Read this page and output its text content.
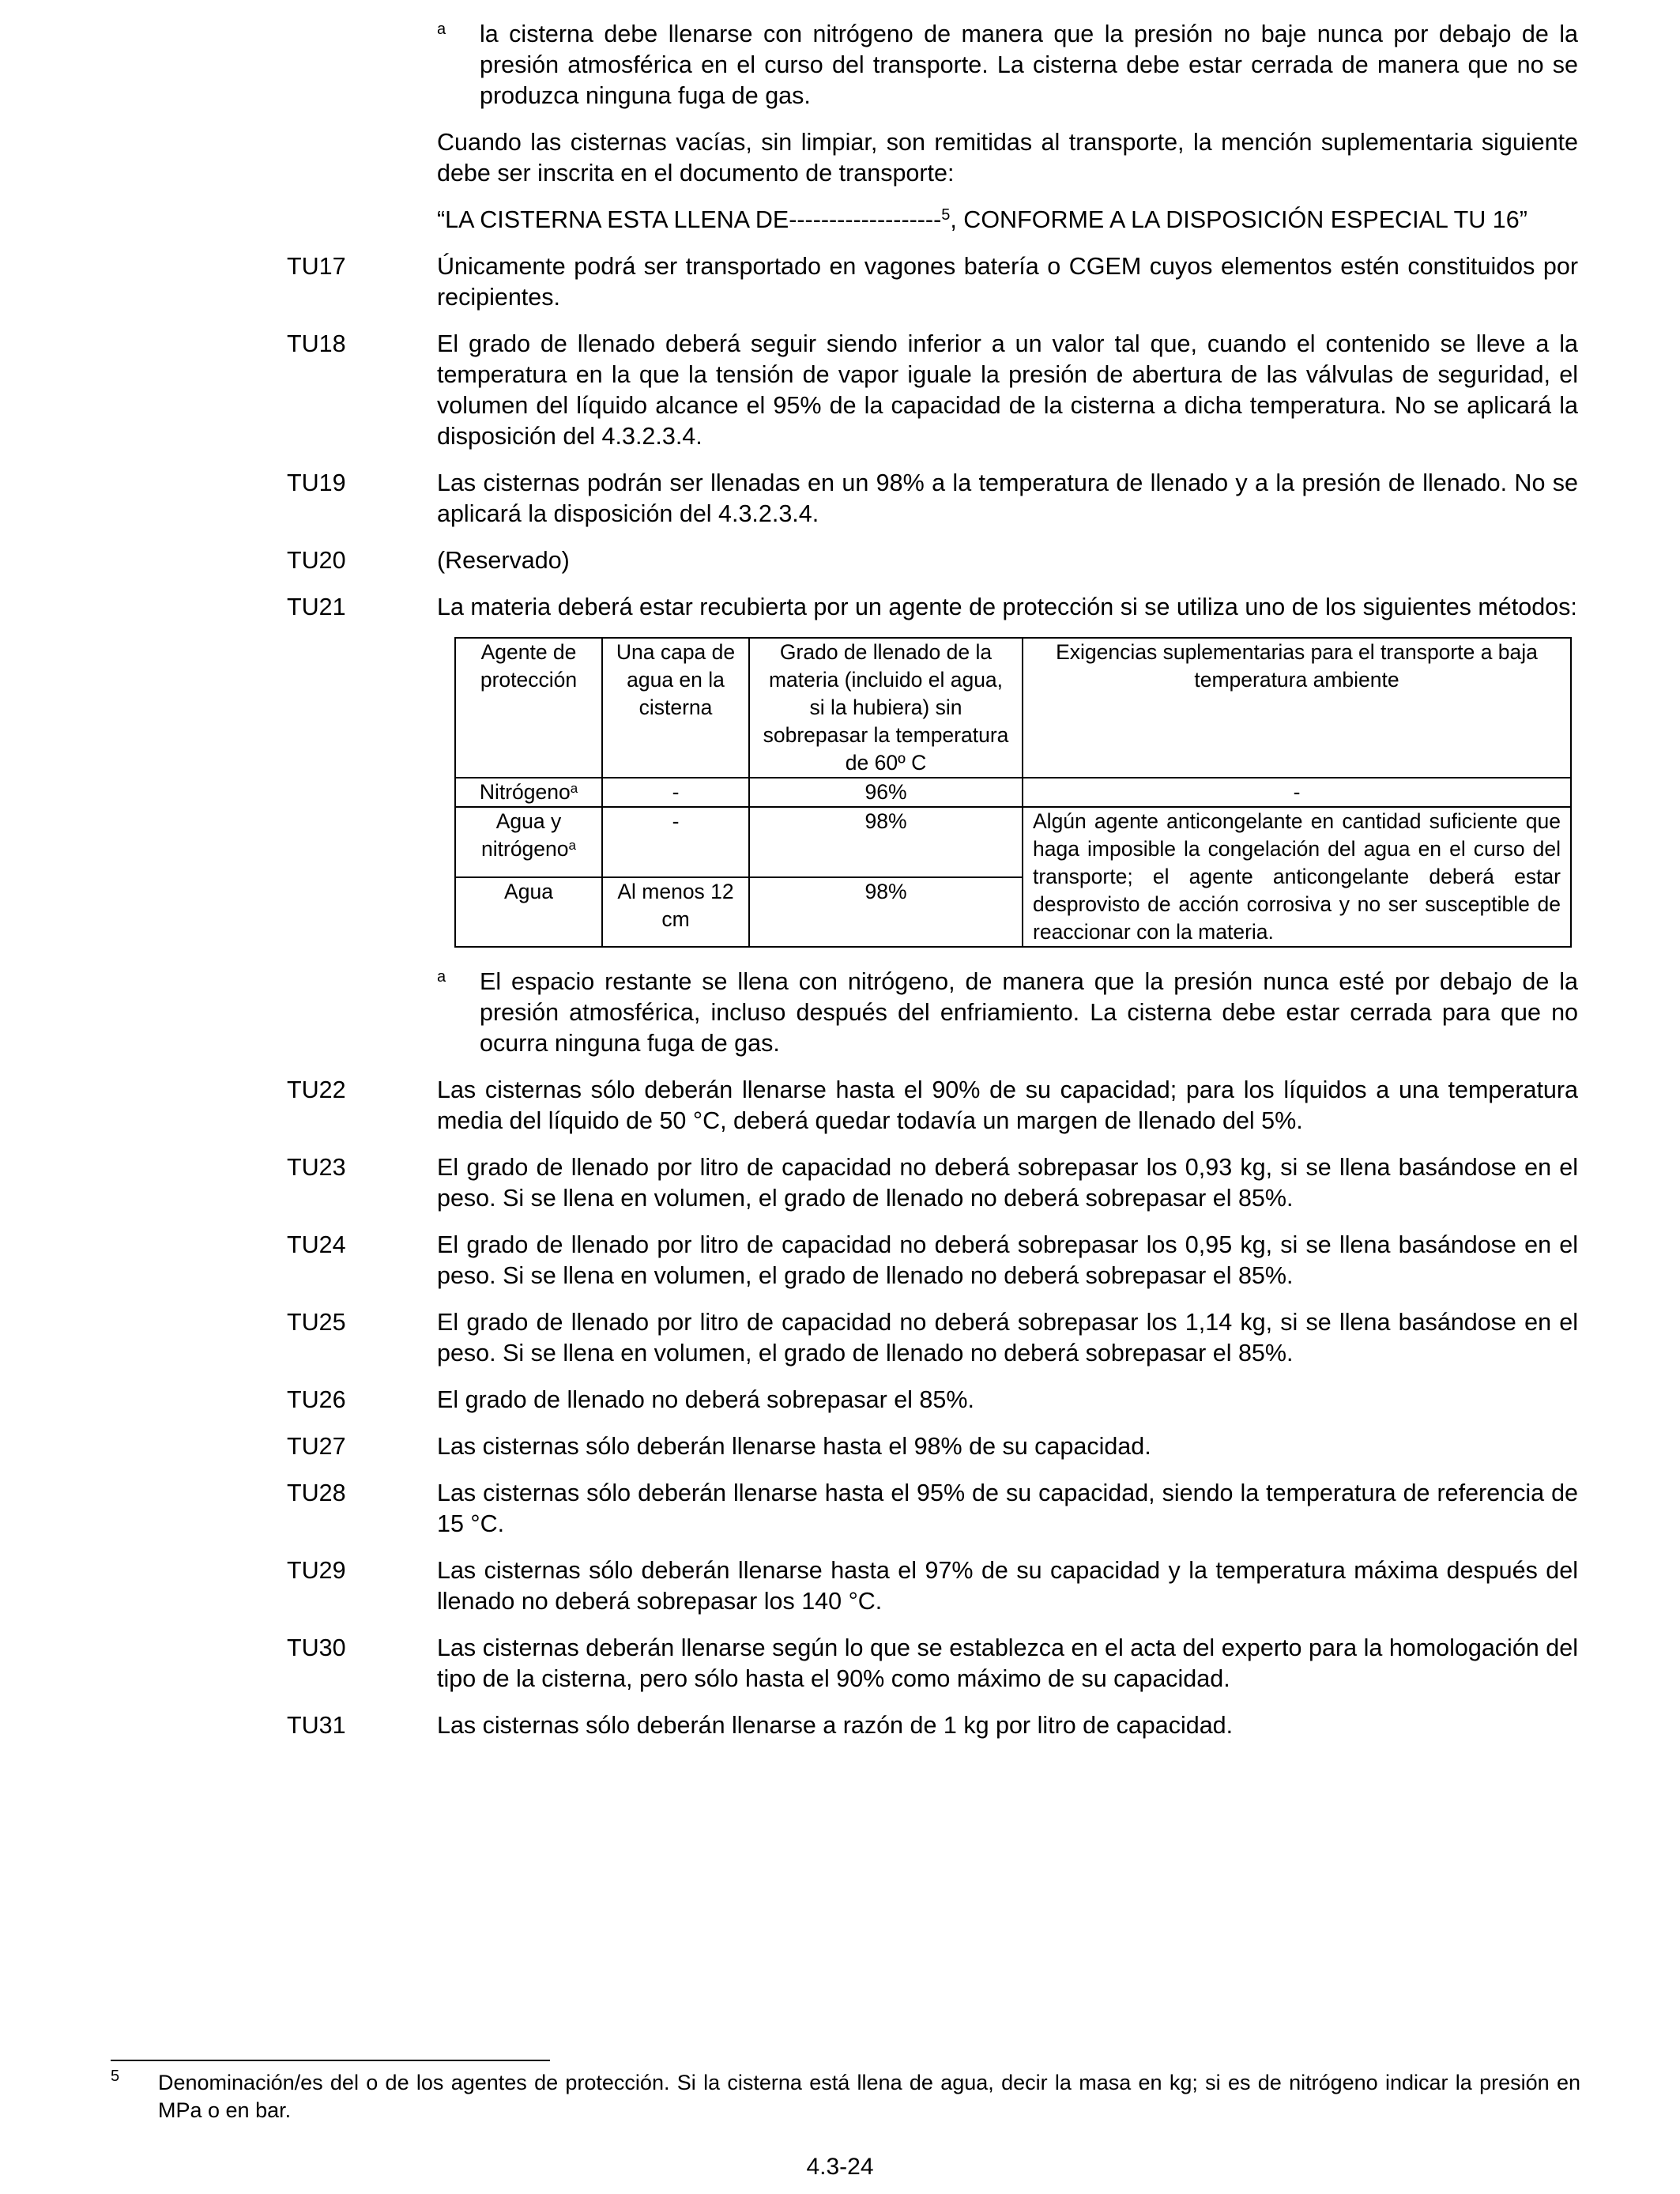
a la cisterna debe llenarse con nitrógeno de manera que la presión no baje nunca por debajo de la presión atmosférica en el curso del transporte. La cisterna debe estar cerrada de manera que no se produzca ninguna fuga de gas.
Cuando las cisternas vacías, sin limpiar, son remitidas al transporte, la mención suplementaria siguiente debe ser inscrita en el documento de transporte:
“LA CISTERNA ESTA LLENA DE-------------------$^5$, CONFORME A LA DISPOSICIÓN ESPECIAL TU 16”
TU17	Únicamente podrá ser transportado en vagones batería o CGEM cuyos elementos estén constituidos por recipientes.
TU18	El grado de llenado deberá seguir siendo inferior a un valor tal que, cuando el contenido se lleve a la temperatura en la que la tensión de vapor iguale la presión de abertura de las válvulas de seguridad, el volumen del líquido alcance el 95% de la capacidad de la cisterna a dicha temperatura. No se aplicará la disposición del 4.3.2.3.4.
TU19	Las cisternas podrán ser llenadas en un 98% a la temperatura de llenado y a la presión de llenado. No se aplicará la disposición del 4.3.2.3.4.
TU20	(Reservado)
TU21	La materia deberá estar recubierta por un agente de protección si se utiliza uno de los siguientes métodos:
Agente de protección	Una capa de agua en la cisterna	Grado de llenado de la materia (incluido el agua, si la hubiera) sin sobrepasar la temperatura de 60º C	Exigencias suplementarias para el transporte a baja temperatura ambiente
Nitrógeno$^a$	-	96%	-
Agua y nitrógeno$^a$	-	98%	Algún agente anticongelante en cantidad suficiente que haga imposible la congelación del agua en el curso del transporte; el agente anticongelante deberá estar desprovisto de acción corrosiva y no ser susceptible de reaccionar con la materia.
Agua	Al menos 12 cm	98%	
a El espacio restante se llena con nitrógeno, de manera que la presión nunca esté por debajo de la presión atmosférica, incluso después del enfriamiento. La cisterna debe estar cerrada para que no ocurra ninguna fuga de gas.
TU22	Las cisternas sólo deberán llenarse hasta el 90% de su capacidad; para los líquidos a una temperatura media del líquido de 50 °C, deberá quedar todavía un margen de llenado del 5%.
TU23	El grado de llenado por litro de capacidad no deberá sobrepasar los 0,93 kg, si se llena basándose en el peso. Si se llena en volumen, el grado de llenado no deberá sobrepasar el 85%.
TU24	El grado de llenado por litro de capacidad no deberá sobrepasar los 0,95 kg, si se llena basándose en el peso. Si se llena en volumen, el grado de llenado no deberá sobrepasar el 85%.
TU25	El grado de llenado por litro de capacidad no deberá sobrepasar los 1,14 kg, si se llena basándose en el peso. Si se llena en volumen, el grado de llenado no deberá sobrepasar el 85%.
TU26	El grado de llenado no deberá sobrepasar el 85%.
TU27	Las cisternas sólo deberán llenarse hasta el 98% de su capacidad.
TU28	Las cisternas sólo deberán llenarse hasta el 95% de su capacidad, siendo la temperatura de referencia de 15 °C.
TU29	Las cisternas sólo deberán llenarse hasta el 97% de su capacidad y la temperatura máxima después del llenado no deberá sobrepasar los 140 °C.
TU30	Las cisternas deberán llenarse según lo que se establezca en el acta del experto para la homologación del tipo de la cisterna, pero sólo hasta el 90% como máximo de su capacidad.
TU31	Las cisternas sólo deberán llenarse a razón de 1 kg por litro de capacidad.
5 Denominación/es del o de los agentes de protección. Si la cisterna está llena de agua, decir la masa en kg; si es de nitrógeno indicar la presión en MPa o en bar.
4.3-24
